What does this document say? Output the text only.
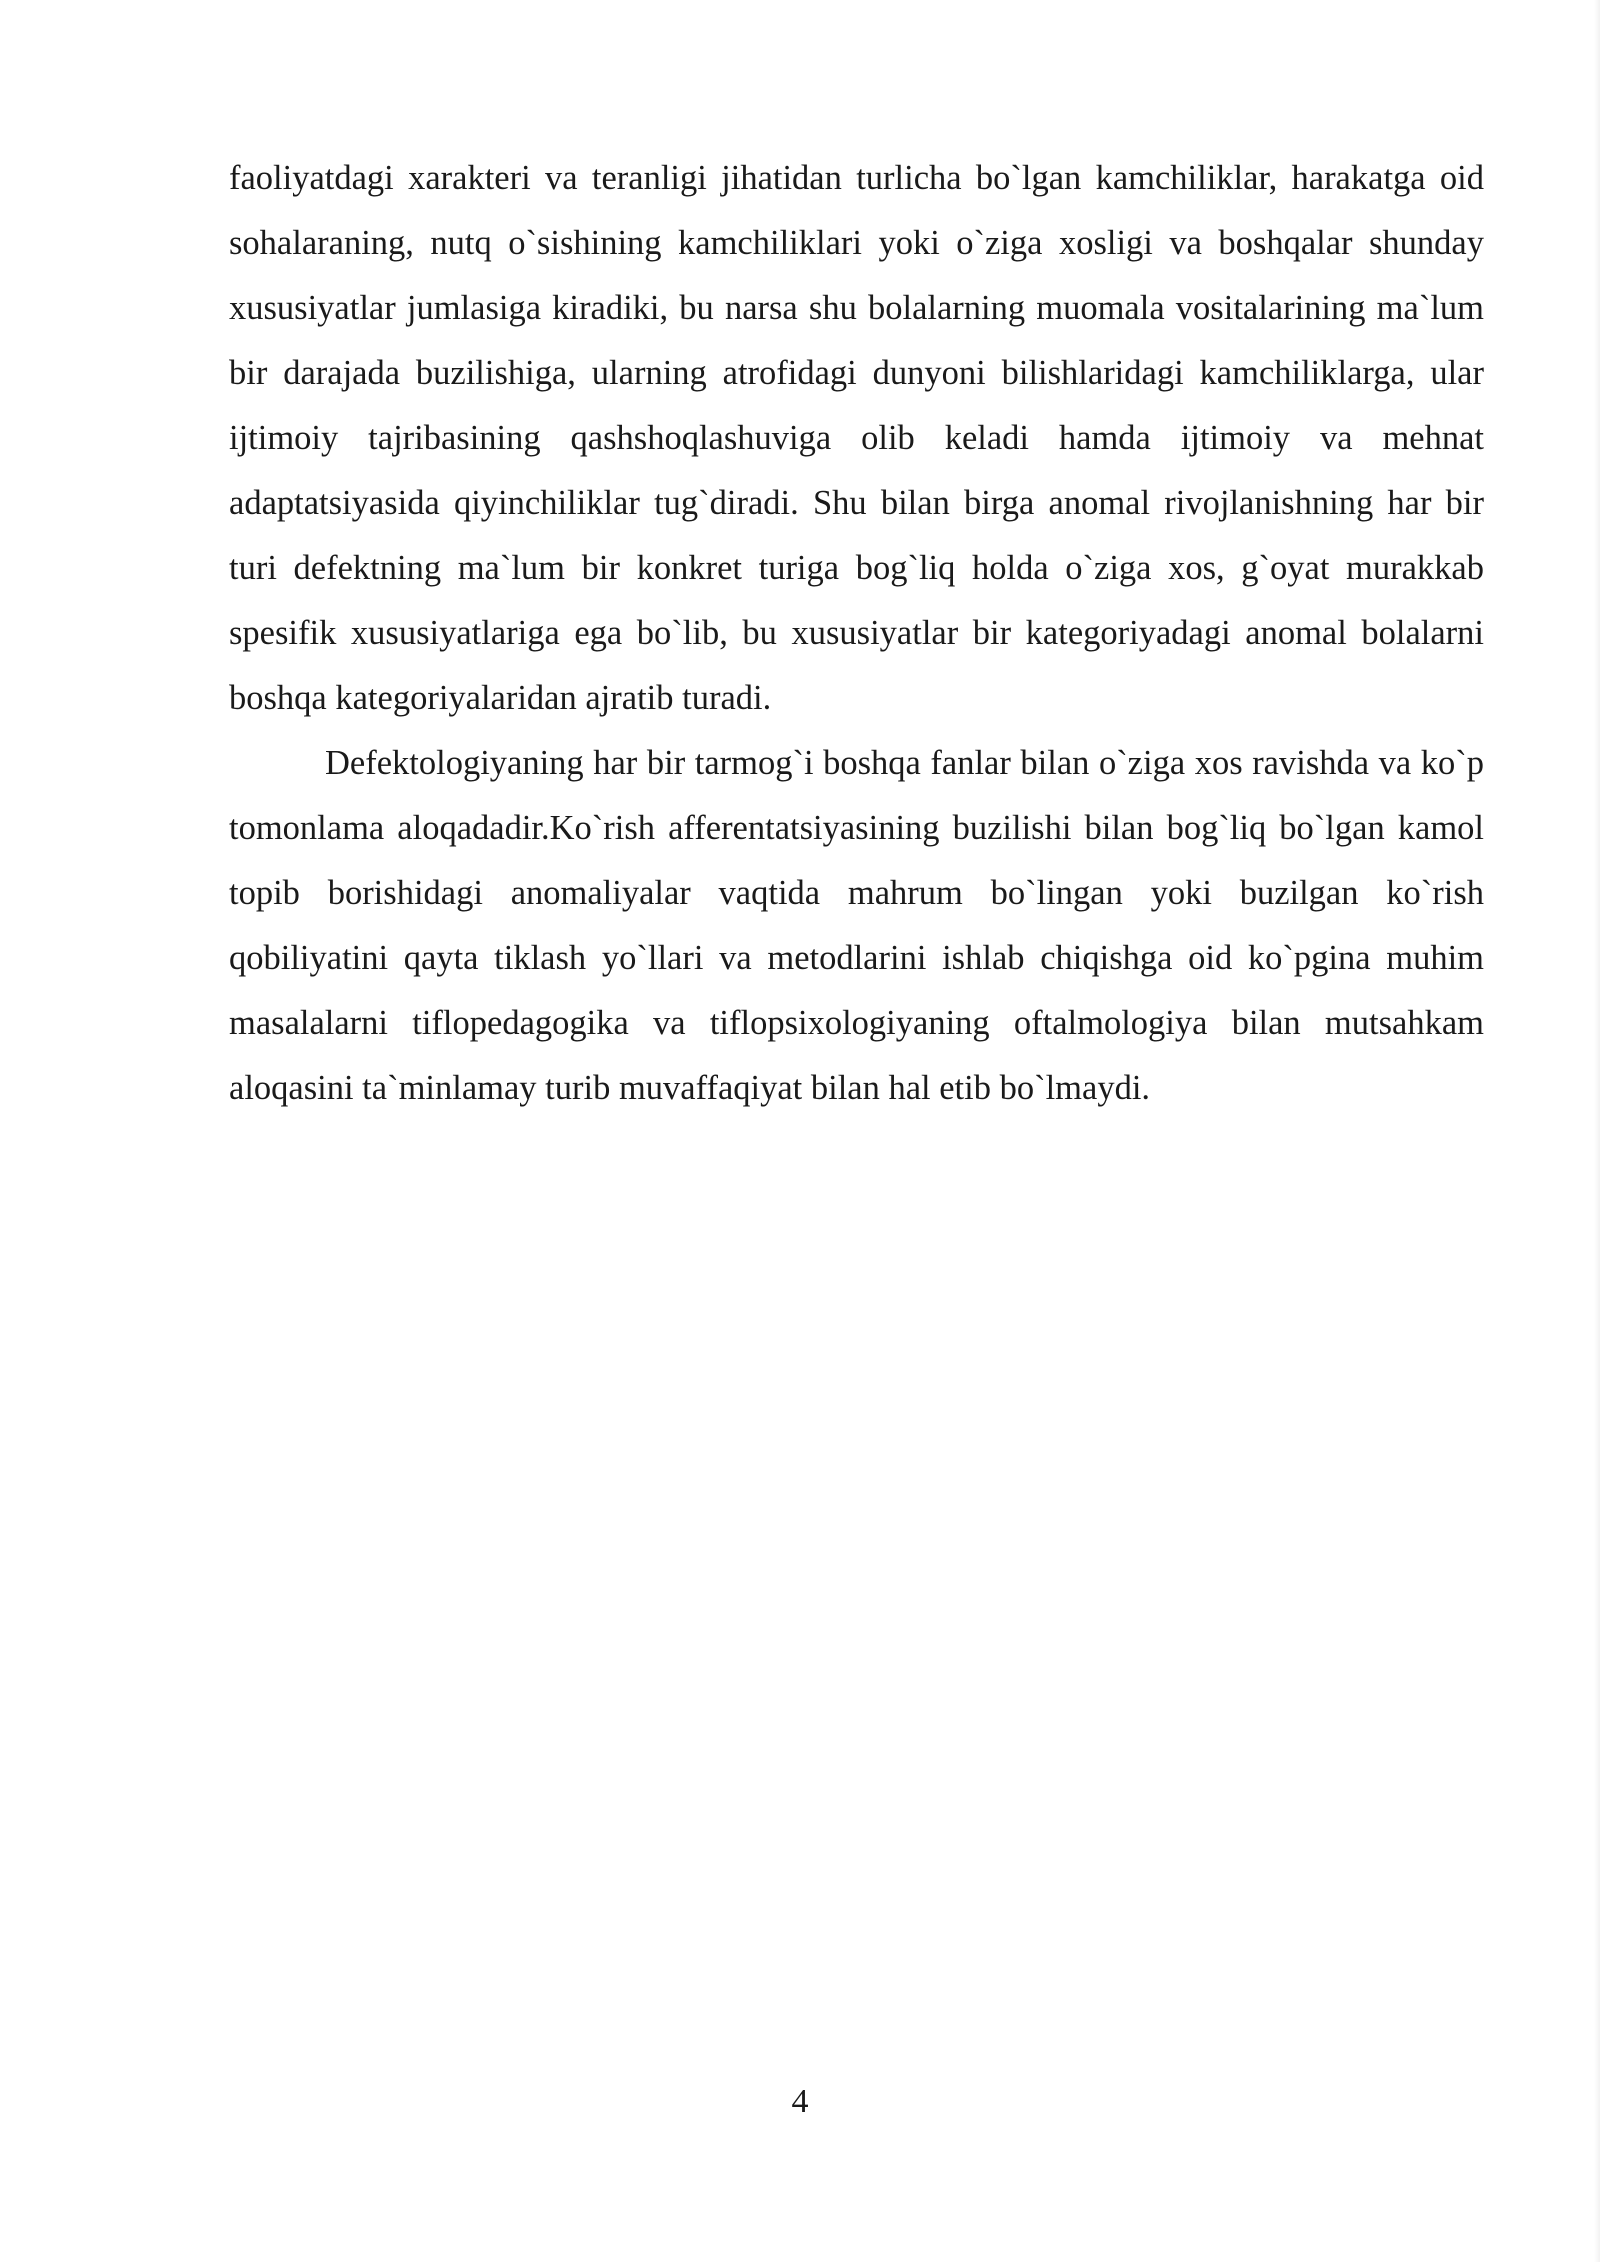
faoliyatdagi xarakteri va teranligi jihatidan turlicha bo`lgan kamchiliklar, harakatga oid sohalaraning, nutq o`sishining kamchiliklari yoki o`ziga xosligi va boshqalar shunday xususiyatlar jumlasiga kiradiki, bu narsa shu bolalarning muomala vositalarining ma`lum bir darajada buzilishiga, ularning atrofidagi dunyoni bilishlaridagi kamchiliklarga, ular ijtimoiy tajribasining qashshoqlashuviga olib keladi hamda ijtimoiy va mehnat adaptatsiyasida qiyinchiliklar tug`diradi. Shu bilan birga anomal rivojlanishning har bir turi defektning ma`lum bir konkret turiga bog`liq holda o`ziga xos, g`oyat murakkab spesifik xususiyatlariga ega bo`lib, bu xususiyatlar bir kategoriyadagi anomal bolalarni boshqa kategoriyalaridan ajratib turadi.

Defektologiyaning har bir tarmog`i boshqa fanlar bilan o`ziga xos ravishda va ko`p tomonlama aloqadadir.Ko`rish afferentatsiyasining buzilishi bilan bog`liq bo`lgan kamol topib borishidagi anomaliyalar vaqtida mahrum bo`lingan yoki buzilgan ko`rish qobiliyatini qayta tiklash yo`llari va metodlarini ishlab chiqishga oid ko`pgina muhim masalalarni tiflopedagogika va tiflopsixologiyaning oftalmologiya bilan mutsahkam aloqasini ta`minlamay turib muvaffaqiyat bilan hal etib bo`lmaydi.

4
